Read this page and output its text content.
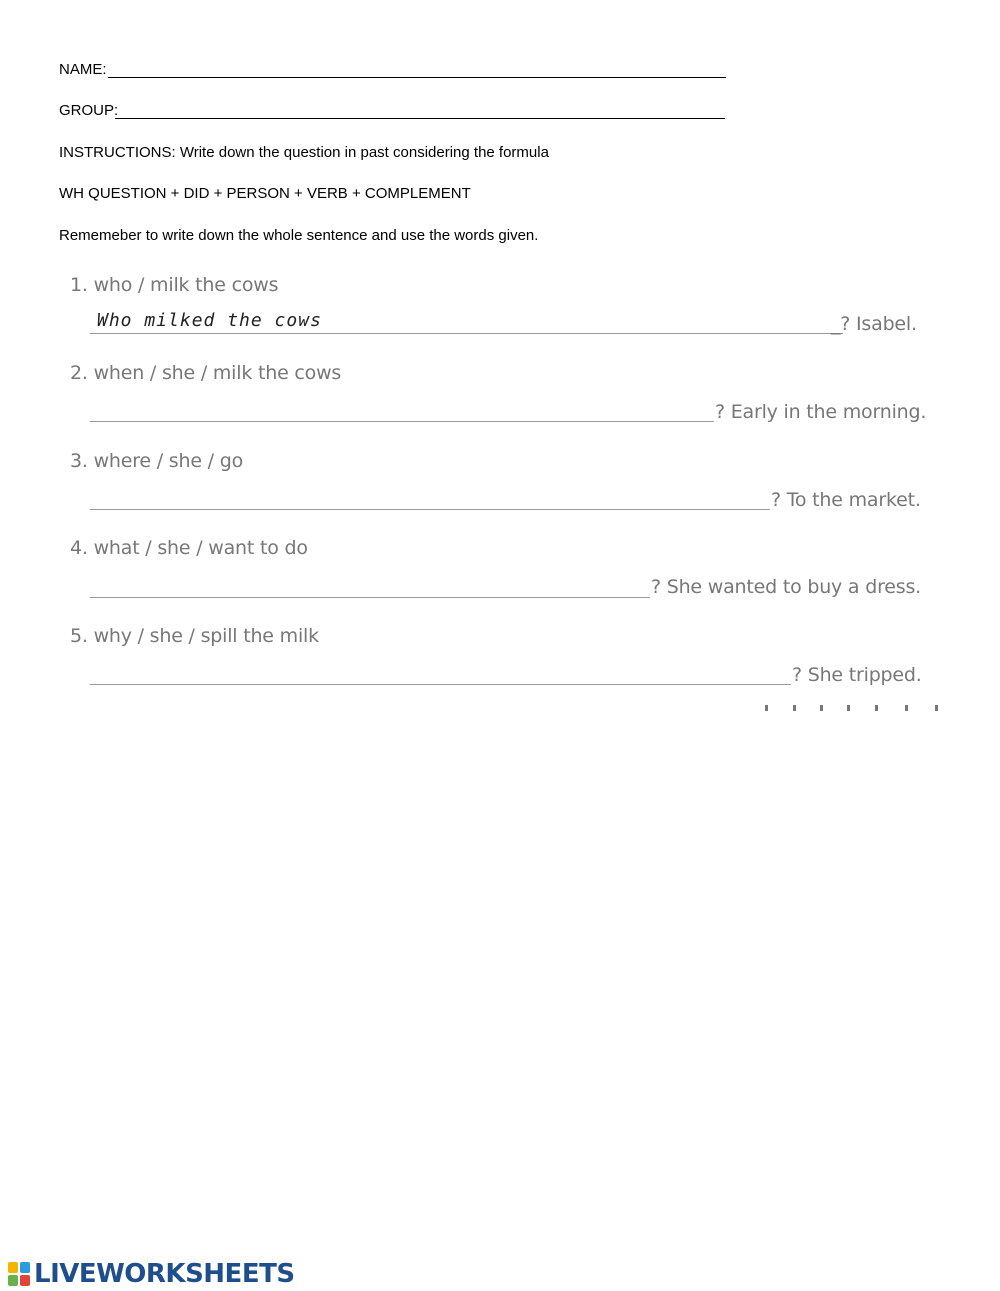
NAME:
GROUP:
INSTRUCTIONS: Write down the question in past considering the formula
WH QUESTION + DID + PERSON + VERB + COMPLEMENT
Rememeber to write down the whole sentence and use the words given.
1. who / milk the cows
Who milked the cows	_? Isabel.
2. when / she / milk the cows
? Early in the morning.
3. where / she / go
? To the market.
4. what / she / want to do
? She wanted to buy a dress.
5. why / she / spill the milk
? She tripped.
LIVEWORKSHEETS
